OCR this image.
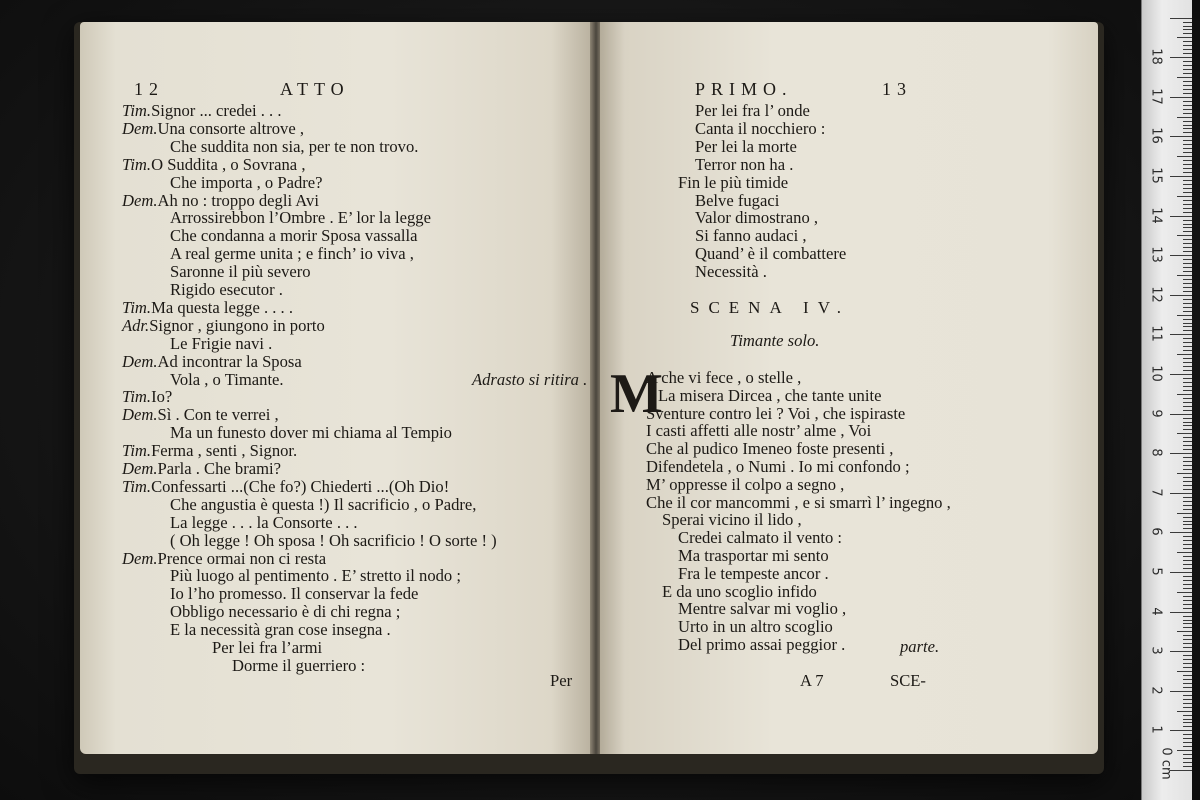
12	ATTO
Tim.Signor ... credei . . .
Dem.Una consorte altrove ,
Che suddita non sia, per te non trovo.
Tim.O Suddita , o Sovrana ,
Che importa , o Padre?
Dem.Ah no : troppo degli Avi
Arrossirebbon l’Ombre . E’ lor la legge
Che condanna a morir Sposa vassalla
A real germe unita ; e finch’ io viva ,
Saronne il più severo
Rigido esecutor .
Tim.Ma questa legge . . . .
Adr.Signor , giungono in porto
Le Frigie navi .
Dem.Ad incontrar la Sposa
Vola , o Timante.	Adrasto si ritira .
Tim.Io?
Dem.Sì . Con te verrei ,
Ma un funesto dover mi chiama al Tempio
Tim.Ferma , senti , Signor.
Dem.Parla . Che brami?
Tim.Confessarti ...(Che fo?) Chiederti ...(Oh Dio!
Che angustia è questa !) Il sacrificio , o Padre,
La legge . . . la Consorte . . .
( Oh legge ! Oh sposa ! Oh sacrificio ! O sorte ! )
Dem.Prence ormai non ci resta
Più luogo al pentimento . E’ stretto il nodo ;
Io l’ho promesso. Il conservar la fede
Obbligo necessario è di chi regna ;
E la necessità gran cose insegna .
Per lei fra l’armi
Dorme il guerriero :
Per
PRIMO.	13
Per lei fra l’ onde
Canta il nocchiero :
Per lei la morte
Terror non ha .
Fin le più timide
Belve fugaci
Valor dimostrano ,
Si fanno audaci ,
Quand’ è il combattere
Necessità .
SCENA IV.
Timante solo.
M
A che vi fece , o stelle ,
La misera Dircea , che tante unite
Sventure contro lei ? Voi , che ispiraste
I casti affetti alle nostr’ alme , Voi
Che al pudico Imeneo foste presenti ,
Difendetela , o Numi . Io mi confondo ;
M’ oppresse il colpo a segno ,
Che il cor mancommi , e si smarrì l’ ingegno ,
Sperai vicino il lido ,
Credei calmato il vento :
Ma trasportar mi sento
Fra le tempeste ancor .
E da uno scoglio infido
Mentre salvar mi voglio ,
Urto in un altro scoglio
Del primo assai peggior .	parte.
A 7	SCE-
0 cm
1
2
3
4
5
6
7
8
9
10
11
12
13
14
15
16
17
18
